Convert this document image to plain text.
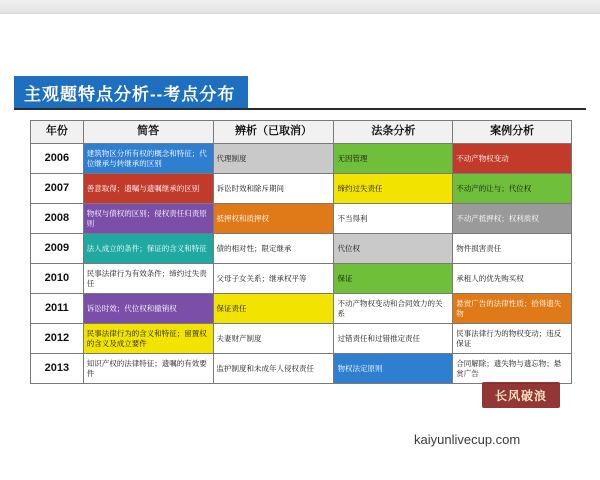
主观题特点分析--考点分布
年份	简答	辨析（已取消）	法条分析	案例分析
2006	建筑物区分所有权的概念和特征；代位继承与转继承的区别	代理制度	无因管理	不动产物权变动
2007	善意取得；遗嘱与遗嘱继承的区别	诉讼时效和除斥期间	缔约过失责任	不动产的让与；代位权
2008	物权与债权的区别；侵权责任归责原则	抵押权和质押权	不当得利	不动产抵押权；权利质权
2009	法人成立的条件；保证的含义和特征	债的相对性；限定继承	代位权	物件损害责任
2010	民事法律行为有效条件；缔约过失责任	父母子女关系；继承权平等	保证	承租人的优先购买权
2011	诉讼时效；代位权和撤销权	保证责任	不动产物权变动和合同效力的关系	悬赏广告的法律性质；拾得遗失物
2012	民事法律行为的含义和特征；留置权的含义及成立要件	夫妻财产制度	过错责任和过错推定责任	民事法律行为的物权变动；违反保证
2013	知识产权的法律特征；遗嘱的有效要件	监护制度和未成年人侵权责任	物权法定原则	合同解除；遗失物与遗忘物；悬赏广告
长风破浪
kaiyunlivecup.com
